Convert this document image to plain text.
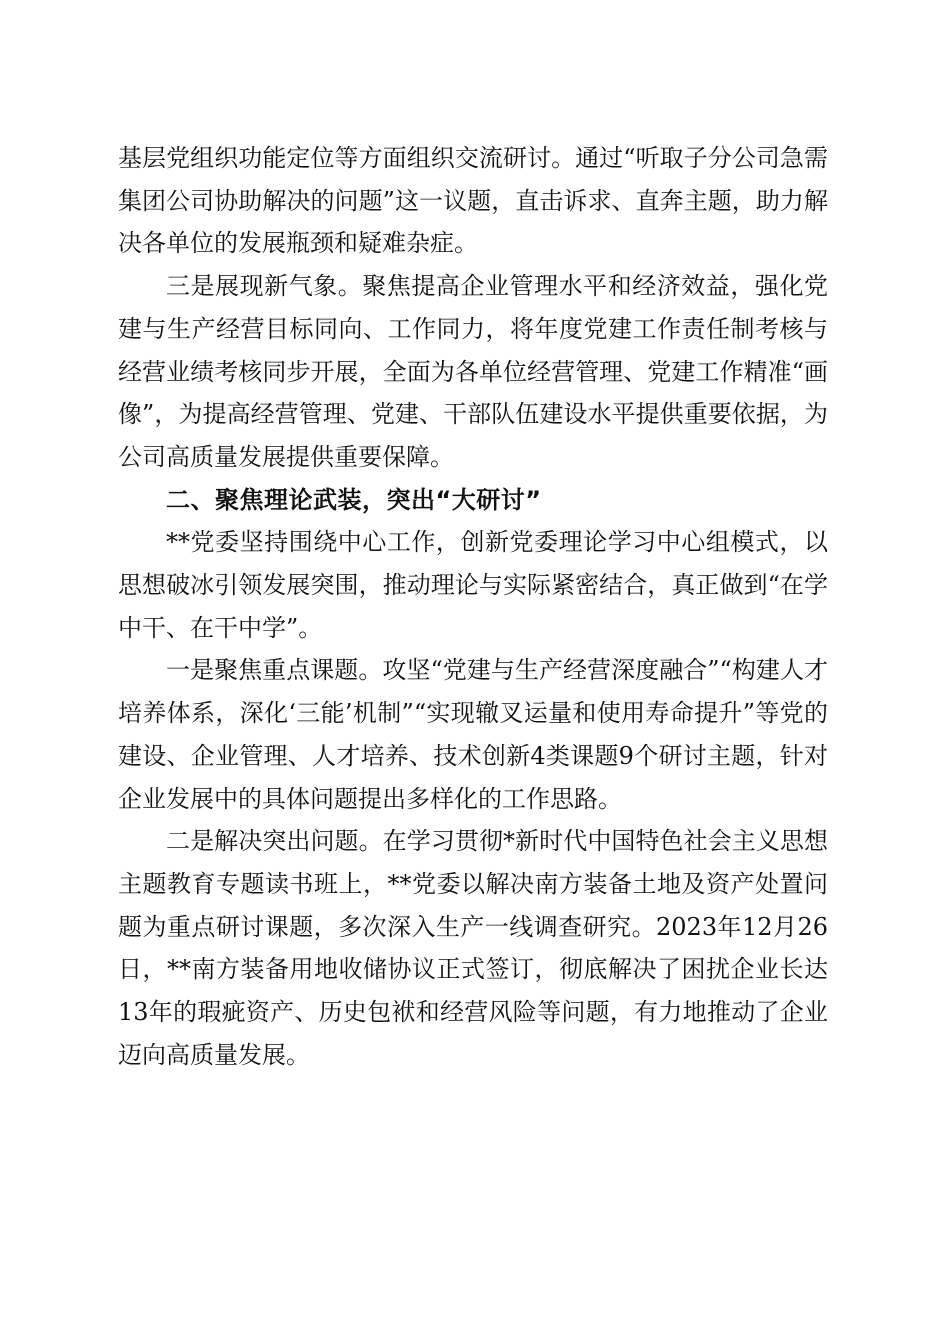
基层党组织功能定位等方面组织交流研讨。通过“听取子分公司急需集团公司协助解决的问题”这一议题，直击诉求、直奔主题，助力解决各单位的发展瓶颈和疑难杂症。

三是展现新气象。聚焦提高企业管理水平和经济效益，强化党建与生产经营目标同向、工作同力，将年度党建工作责任制考核与经营业绩考核同步开展，全面为各单位经营管理、党建工作精准“画像”，为提高经营管理、党建、干部队伍建设水平提供重要依据，为公司高质量发展提供重要保障。

二、聚焦理论武装，突出“大研讨”

**党委坚持围绕中心工作，创新党委理论学习中心组模式，以思想破冰引领发展突围，推动理论与实际紧密结合，真正做到“在学中干、在干中学”。

一是聚焦重点课题。攻坚“党建与生产经营深度融合”“构建人才培养体系，深化‘三能’机制”“实现辙叉运量和使用寿命提升”等党的建设、企业管理、人才培养、技术创新4类课题9个研讨主题，针对企业发展中的具体问题提出多样化的工作思路。

二是解决突出问题。在学习贯彻*新时代中国特色社会主义思想主题教育专题读书班上，**党委以解决南方装备土地及资产处置问题为重点研讨课题，多次深入生产一线调查研究。2023年12月26日，**南方装备用地收储协议正式签订，彻底解决了困扰企业长达13年的瑕疵资产、历史包袱和经营风险等问题，有力地推动了企业迈向高质量发展。
